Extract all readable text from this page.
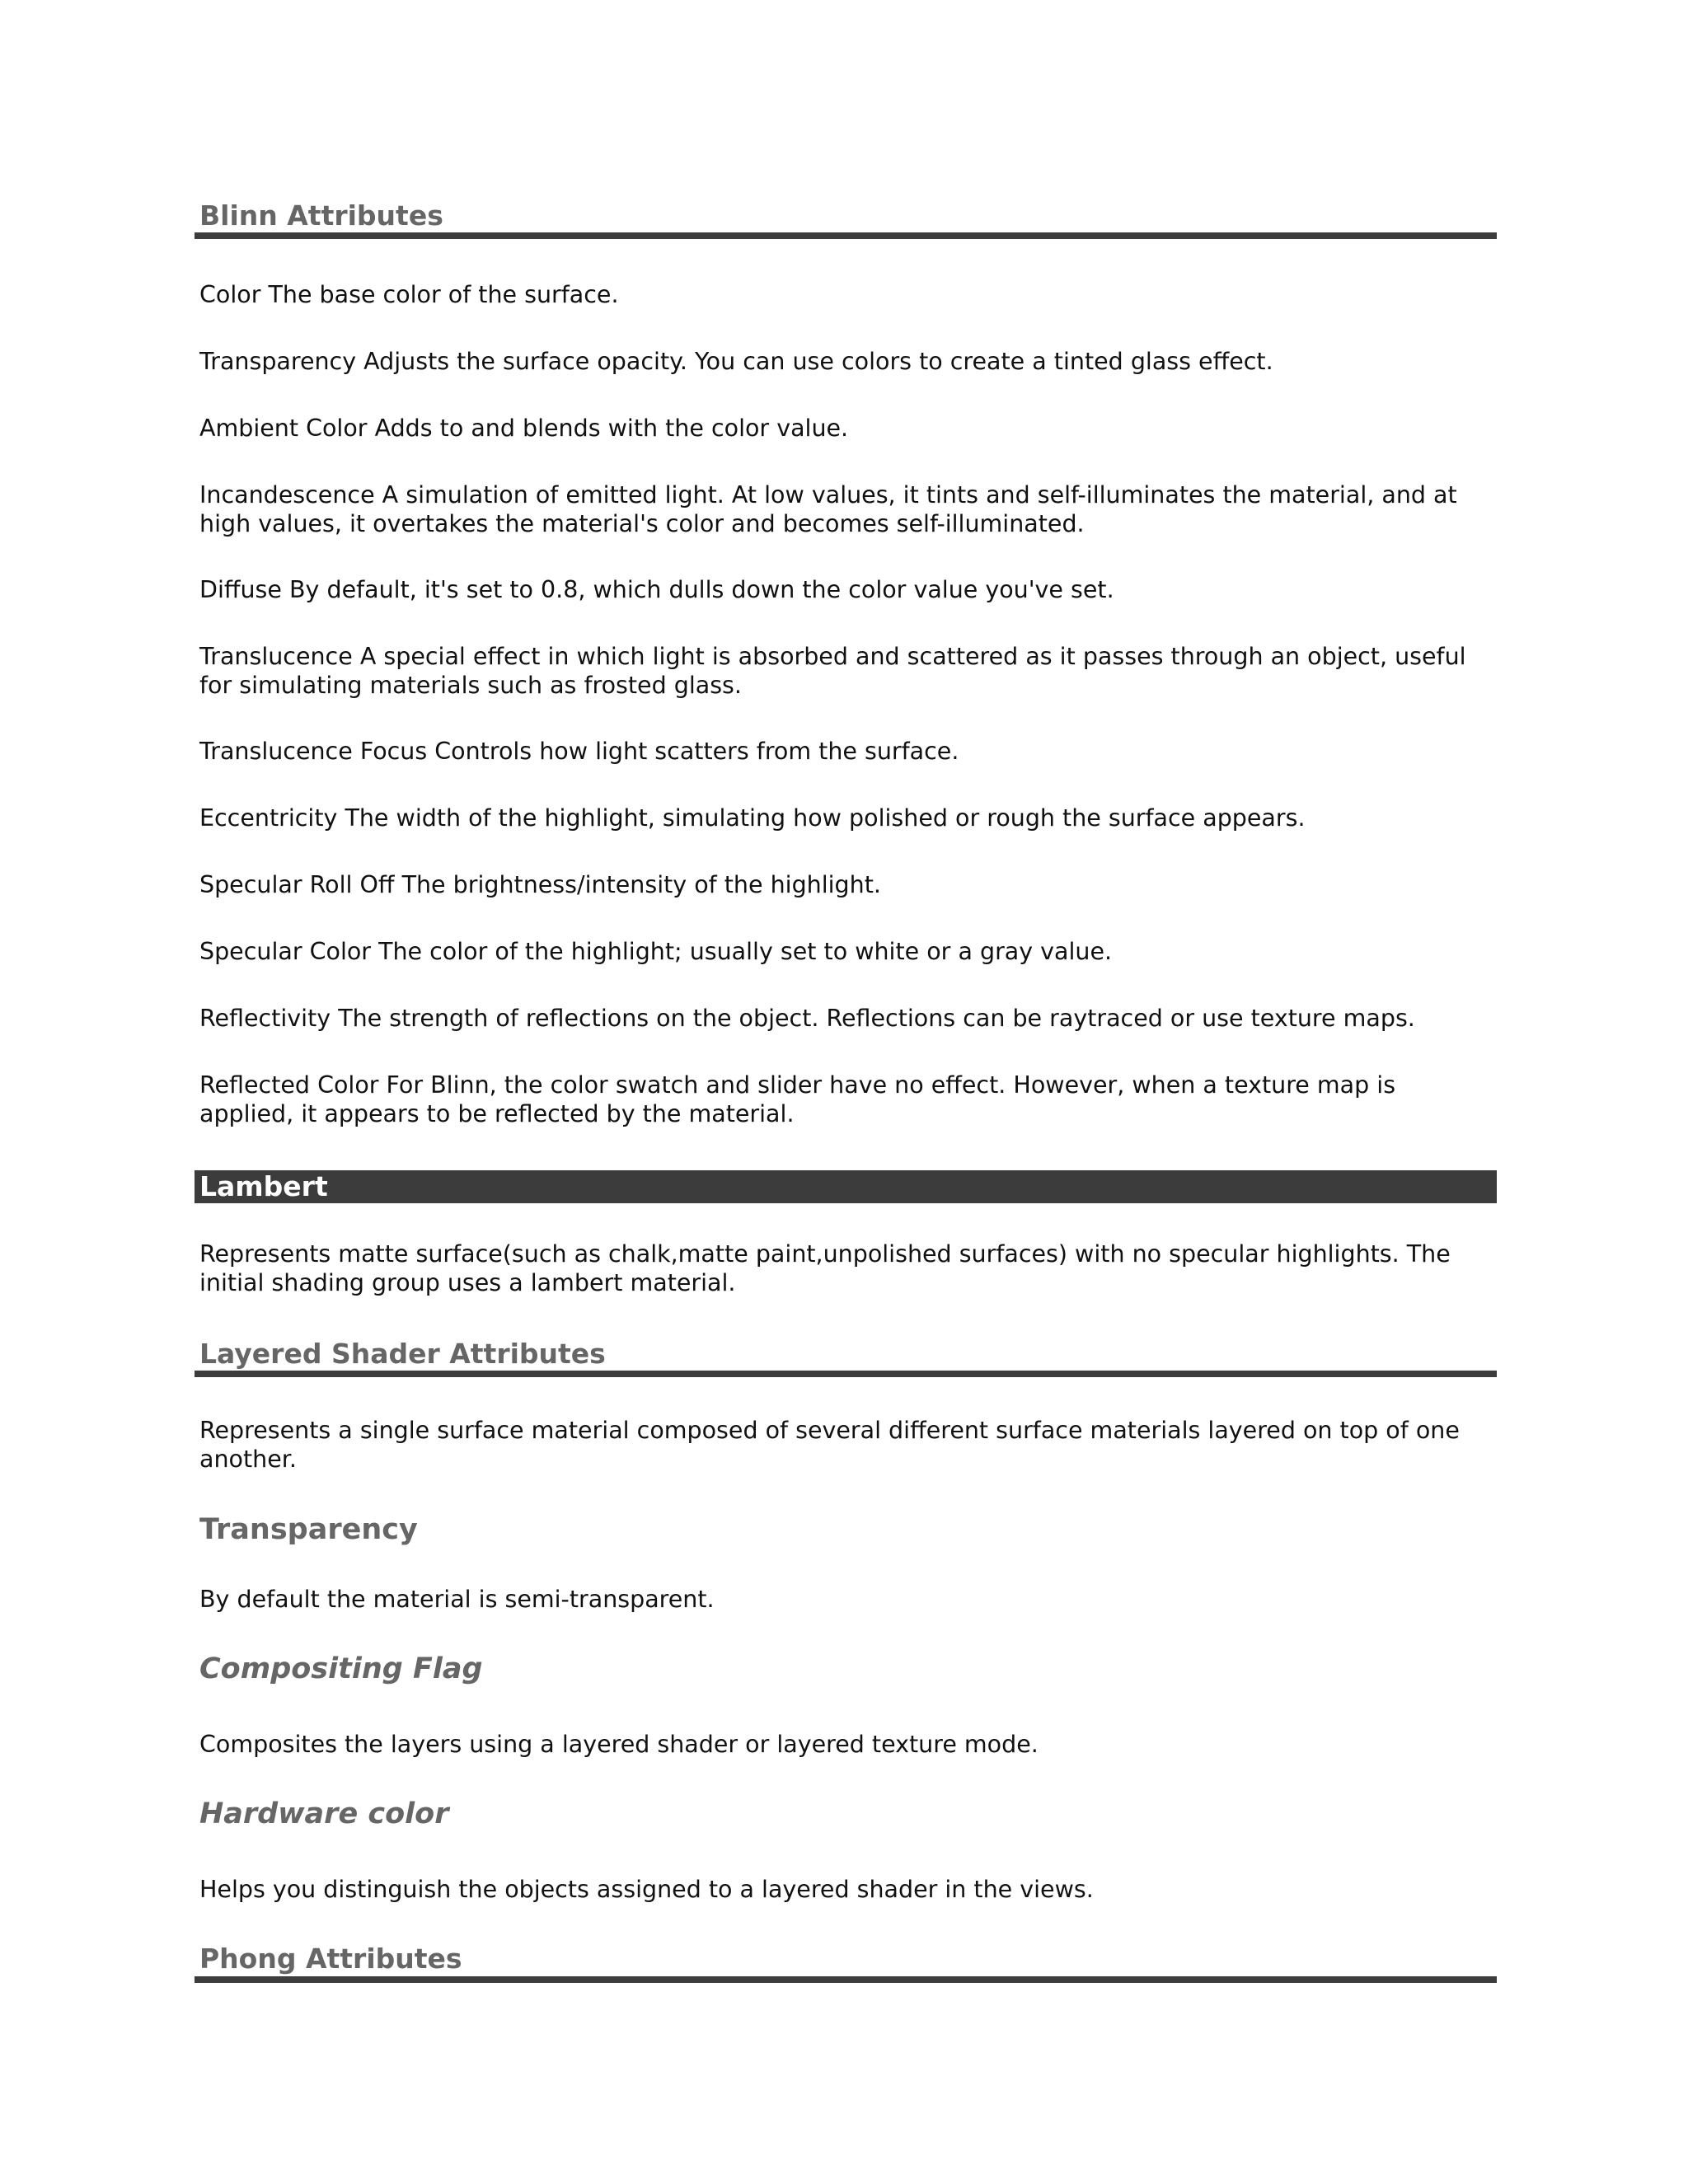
Blinn Attributes

Color The base color of the surface.

Transparency Adjusts the surface opacity. You can use colors to create a tinted glass effect.

Ambient Color Adds to and blends with the color value.

Incandescence A simulation of emitted light. At low values, it tints and self-illuminates the material, and at high values, it overtakes the material's color and becomes self-illuminated.

Diffuse By default, it's set to 0.8, which dulls down the color value you've set.

Translucence A special effect in which light is absorbed and scattered as it passes through an object, useful for simulating materials such as frosted glass.

Translucence Focus Controls how light scatters from the surface.

Eccentricity The width of the highlight, simulating how polished or rough the surface appears.

Specular Roll Off The brightness/intensity of the highlight.

Specular Color The color of the highlight; usually set to white or a gray value.

Reflectivity The strength of reflections on the object. Reflections can be raytraced or use texture maps.

Reflected Color For Blinn, the color swatch and slider have no effect. However, when a texture map is applied, it appears to be reflected by the material.

Lambert

Represents matte surface(such as chalk,matte paint,unpolished surfaces) with no specular highlights. The initial shading group uses a lambert material.

Layered Shader Attributes

Represents a single surface material composed of several different surface materials layered on top of one another.

Transparency

By default the material is semi-transparent.

Compositing Flag

Composites the layers using a layered shader or layered texture mode.

Hardware color

Helps you distinguish the objects assigned to a layered shader in the views.

Phong Attributes
